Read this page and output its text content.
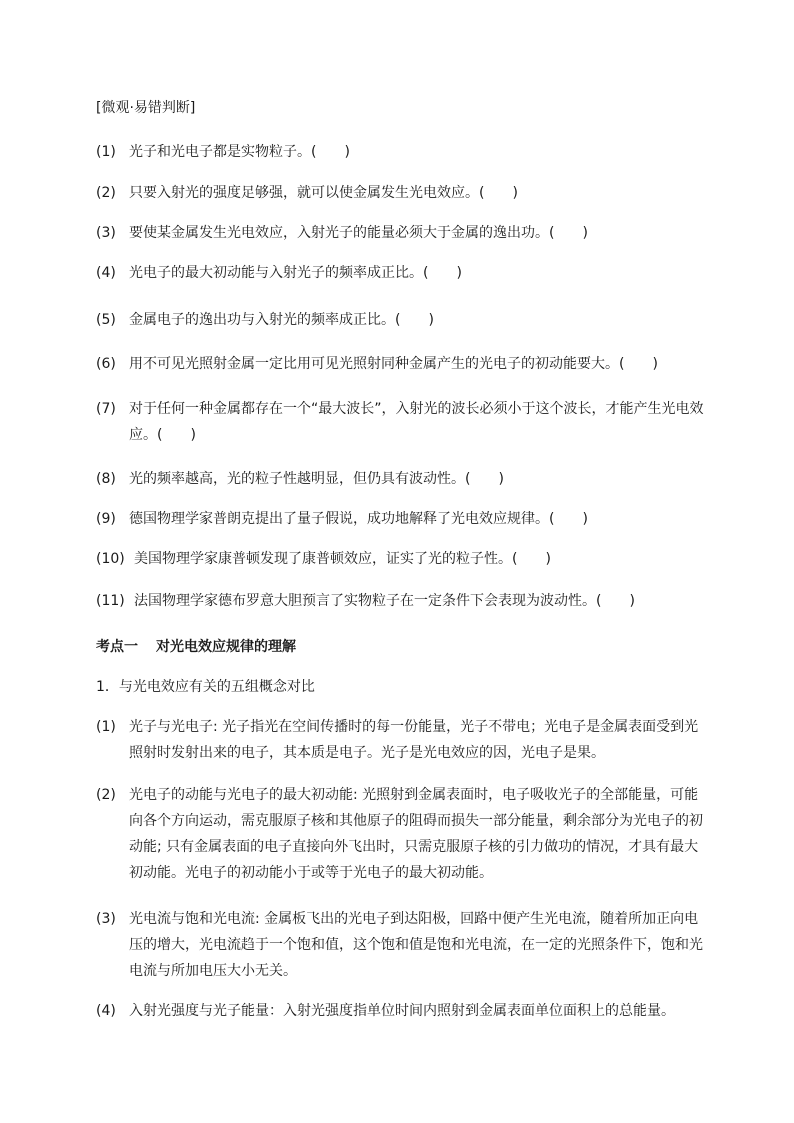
[微观·易错判断]
(1) 光子和光电子都是实物粒子。(　　)
(2) 只要入射光的强度足够强，就可以使金属发生光电效应。(　　)
(3) 要使某金属发生光电效应，入射光子的能量必须大于金属的逸出功。(　　)
(4) 光电子的最大初动能与入射光子的频率成正比。(　　)
(5) 金属电子的逸出功与入射光的频率成正比。(　　)
(6) 用不可见光照射金属一定比用可见光照射同种金属产生的光电子的初动能要大。(　　)
(7) 对于任何一种金属都存在一个“最大波长”，入射光的波长必须小于这个波长，才能产生光电效应。(　　)
(8) 光的频率越高，光的粒子性越明显，但仍具有波动性。(　　)
(9) 德国物理学家普朗克提出了量子假说，成功地解释了光电效应规律。(　　)
(10) 美国物理学家康普顿发现了康普顿效应，证实了光的粒子性。(　　)
(11) 法国物理学家德布罗意大胆预言了实物粒子在一定条件下会表现为波动性。(　　)
考点一 对光电效应规律的理解
1．与光电效应有关的五组概念对比
(1) 光子与光电子: 光子指光在空间传播时的每一份能量，光子不带电；光电子是金属表面受到光照射时发射出来的电子，其本质是电子。光子是光电效应的因，光电子是果。
(2) 光电子的动能与光电子的最大初动能: 光照射到金属表面时，电子吸收光子的全部能量，可能向各个方向运动，需克服原子核和其他原子的阻碍而损失一部分能量，剩余部分为光电子的初动能; 只有金属表面的电子直接向外飞出时，只需克服原子核的引力做功的情况，才具有最大初动能。光电子的初动能小于或等于光电子的最大初动能。
(3) 光电流与饱和光电流: 金属板飞出的光电子到达阳极，回路中便产生光电流，随着所加正向电压的增大，光电流趋于一个饱和值，这个饱和值是饱和光电流，在一定的光照条件下，饱和光电流与所加电压大小无关。
(4) 入射光强度与光子能量：入射光强度指单位时间内照射到金属表面单位面积上的总能量。
